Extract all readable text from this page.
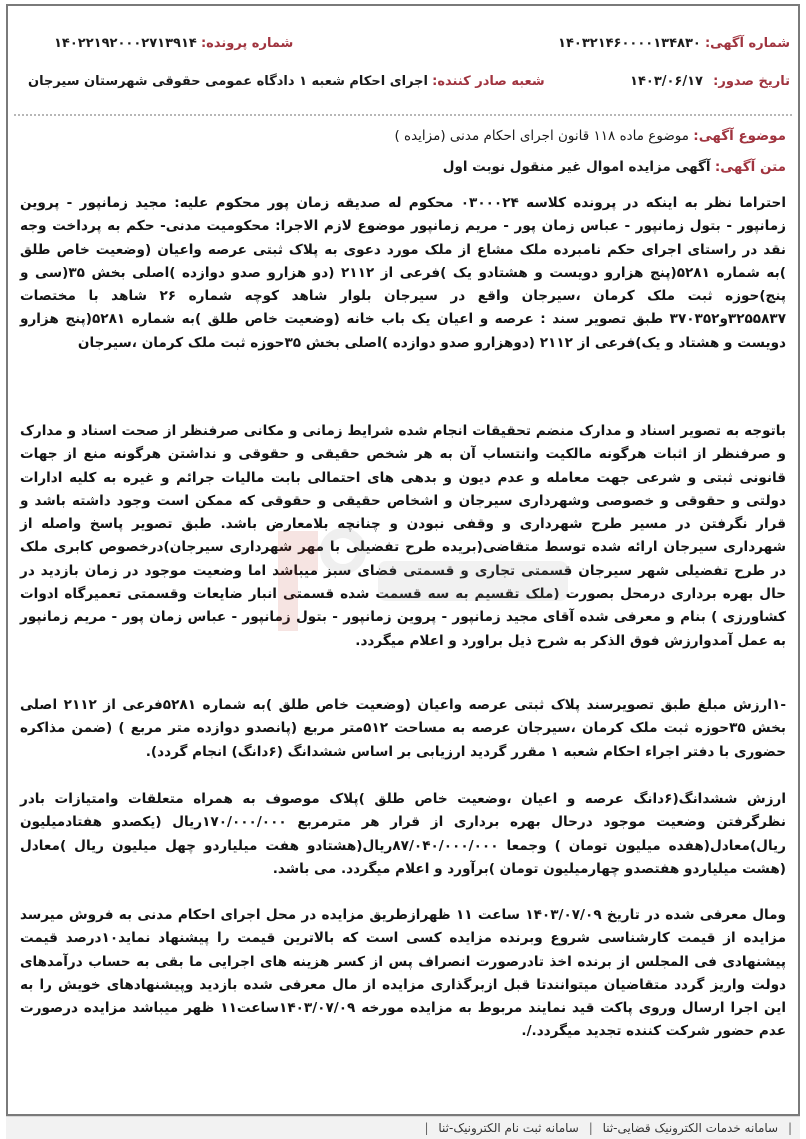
شماره آگهی: ۱۴۰۳۲۱۴۶۰۰۰۰۱۳۴۸۳۰
شماره پرونده: ۱۴۰۲۲۱۹۲۰۰۰۲۷۱۳۹۱۴
تاریخ صدور: ۱۴۰۳/۰۶/۱۷
شعبه صادر کننده: اجرای احکام شعبه ۱ دادگاه عمومی حقوقی شهرستان سیرجان
موضوع آگهی: موضوع ماده ۱۱۸ قانون اجرای احکام مدنی (مزایده )
متن آگهی: آگهی مزایده اموال غیر منقول نوبت اول

احتراما نظر به اینکه در پرونده کلاسه ۰۳۰۰۰۲۴ محکوم له صدیقه زمان پور محکوم علیه: مجید زمانپور - پروین زمانپور - بتول زمانپور - عباس زمان پور - مریم زمانپور موضوع لازم الاجرا: محکومیت مدنی- حکم به پرداخت وجه نقد در راستای اجرای حکم نامبرده ملک مشاع از ملک مورد دعوی به پلاک ثبتی عرصه واعیان (وضعیت خاص طلق )به شماره ۵۲۸۱(پنج هزارو دویست و هشتادو یک )فرعی از ۲۱۱۲ (دو هزارو صدو دوازده )اصلی بخش ۳۵(سی و پنج)حوزه ثبت ملک کرمان ،سیرجان واقع در سیرجان بلوار شاهد کوچه شماره ۲۶ شاهد با مختصات ۳۲۵۵۸۳۷و۳۷۰۳۵۲ طبق تصویر سند : عرصه و اعیان یک باب خانه (وضعیت خاص طلق )به شماره ۵۲۸۱(پنج هزارو دویست و هشتاد و یک)فرعی از ۲۱۱۲ (دوهزارو صدو دوازده )اصلی بخش ۳۵حوزه ثبت ملک کرمان ،سیرجان

باتوجه به تصویر اسناد و مدارک منضم تحقیقات انجام شده شرایط زمانی و مکانی صرفنظر از صحت اسناد و مدارک و صرفنظر از اثبات هرگونه مالکیت وانتساب آن به هر شخص حقیقی و حقوقی و نداشتن هرگونه منع از جهات قانونی ثبتی و شرعی جهت معامله و عدم دیون و بدهی های احتمالی بابت مالیات جرائم و غیره به کلیه ادارات دولتی و حقوقی و خصوصی وشهرداری سیرجان و اشخاص حقیقی و حقوقی که ممکن است وجود داشته باشد و قرار نگرفتن در مسیر طرح شهرداری و وقفی نبودن و چنانچه بلامعارض باشد. طبق تصویر پاسخ واصله از شهرداری سیرجان ارائه شده توسط متقاضی(بریده طرح تفضیلی با مهر شهرداری سیرجان)درخصوص کابری ملک در طرح تفضیلی شهر سیرجان قسمتی تجاری و قسمتی فضای سبز میباشد اما وضعیت موجود در زمان بازدید در حال بهره برداری درمحل بصورت (ملک تقسیم به سه قسمت شده قسمتی انبار ضایعات وقسمتی تعمیرگاه ادوات کشاورزی ) بنام و معرفی شده آقای مجید زمانپور - پروین زمانپور - بتول زمانپور - عباس زمان پور - مریم زمانپور به عمل آمدوارزش فوق الذکر به شرح ذیل براورد و اعلام میگردد.

-۱ارزش مبلغ طبق تصویرسند پلاک ثبتی عرصه واعیان (وضعیت خاص طلق )به شماره ۵۲۸۱فرعی از ۲۱۱۲ اصلی بخش ۳۵حوزه ثبت ملک کرمان ،سیرجان عرصه به مساحت ۵۱۲متر مربع (پانصدو دوازده متر مربع ) (ضمن مذاکره حضوری با دفتر اجراء احکام شعبه ۱ مقرر گردید ارزیابی بر اساس ششدانگ (۶دانگ) انجام گردد).

ارزش ششدانگ(۶دانگ عرصه و اعیان ،وضعیت خاص طلق )پلاک موصوف به همراه متعلقات وامتیازات بادر نظرگرفتن وضعیت موجود درحال بهره برداری از قرار هر مترمربع ۱۷۰/۰۰۰/۰۰۰ریال (یکصدو هفتادمیلیون ریال)معادل(هفده میلیون تومان ) وجمعا ۸۷/۰۴۰/۰۰۰/۰۰۰ریال(هشتادو هفت میلیاردو چهل میلیون ریال )معادل (هشت میلیاردو هفتصدو چهارمیلیون تومان )برآورد و اعلام میگردد. می باشد.

ومال معرفی شده در تاریخ ۱۴۰۳/۰۷/۰۹ ساعت ۱۱ ظهرازطریق مزایده در محل اجرای احکام مدنی به فروش میرسد مزایده از قیمت کارشناسی شروع وبرنده مزایده کسی است که بالاترین قیمت را پیشنهاد نماید۱۰درصد قیمت پیشنهادی فی المجلس از برنده اخذ تادرصورت انصراف پس از کسر هزینه های اجرایی ما بقی به حساب درآمدهای دولت واریز گردد متقاضیان میتوانندتا قبل ازبرگذاری مزایده از مال معرفی شده بازدید وپیشنهادهای خویش را به این اجرا ارسال وروی پاکت قید نمایند مربوط به مزایده مورخه ۱۴۰۳/۰۷/۰۹ساعت۱۱ ظهر میباشد مزایده درصورت عدم حضور شرکت کننده تجدید میگردد./.

| سامانه خدمات الکترونیک قضایی-ثنا | سامانه ثبت نام الکترونیک-ثنا |
